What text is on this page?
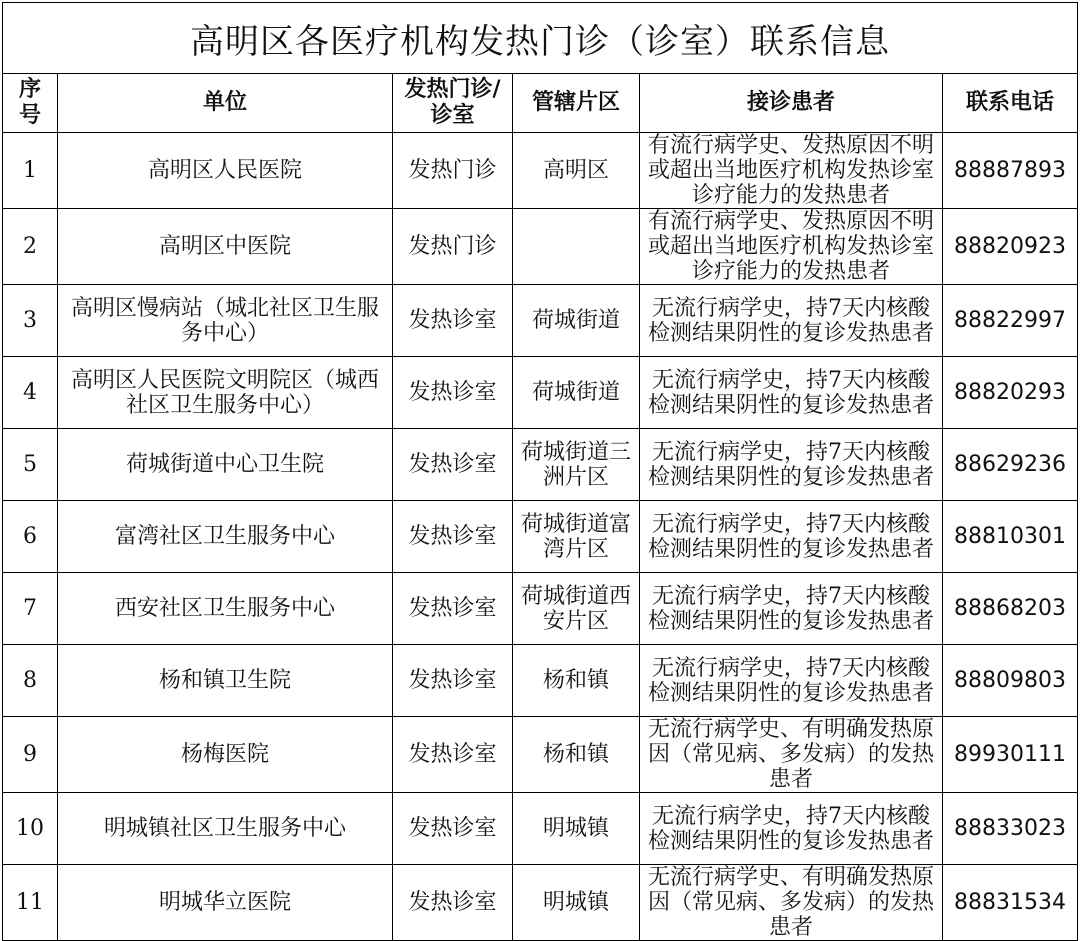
高明区各医疗机构发热门诊（诊室）联系信息					
序号	单位	发热门诊/诊室	管辖片区	接诊患者	联系电话
1	高明区人民医院	发热门诊	高明区	有流行病学史、发热原因不明或超出当地医疗机构发热诊室诊疗能力的发热患者	88887893
2	高明区中医院	发热门诊		有流行病学史、发热原因不明或超出当地医疗机构发热诊室诊疗能力的发热患者	88820923
3	高明区慢病站（城北社区卫生服务中心）	发热诊室	荷城街道	无流行病学史，持7天内核酸检测结果阴性的复诊发热患者	88822997
4	高明区人民医院文明院区（城西社区卫生服务中心）	发热诊室	荷城街道	无流行病学史，持7天内核酸检测结果阴性的复诊发热患者	88820293
5	荷城街道中心卫生院	发热诊室	荷城街道三洲片区	无流行病学史，持7天内核酸检测结果阴性的复诊发热患者	88629236
6	富湾社区卫生服务中心	发热诊室	荷城街道富湾片区	无流行病学史，持7天内核酸检测结果阴性的复诊发热患者	88810301
7	西安社区卫生服务中心	发热诊室	荷城街道西安片区	无流行病学史，持7天内核酸检测结果阴性的复诊发热患者	88868203
8	杨和镇卫生院	发热诊室	杨和镇	无流行病学史，持7天内核酸检测结果阴性的复诊发热患者	88809803
9	杨梅医院	发热诊室	杨和镇	无流行病学史、有明确发热原因（常见病、多发病）的发热患者	89930111
10	明城镇社区卫生服务中心	发热诊室	明城镇	无流行病学史，持7天内核酸检测结果阴性的复诊发热患者	88833023
11	明城华立医院	发热诊室	明城镇	无流行病学史、有明确发热原因（常见病、多发病）的发热患者	88831534
